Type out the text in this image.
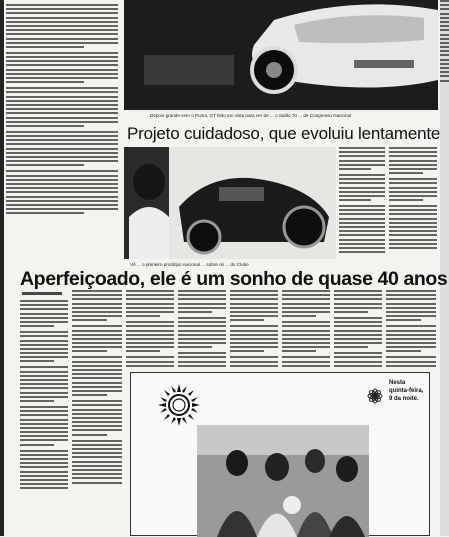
Depois grande vem o Puma, GT feito em vista para ver de ... o Salão 70 ... de Congresso Nacional
Projeto cuidadoso, que evoluiu lentamente
Vê ... o primeiro protótipo nacional ... sobre os ... do Clube
Aperfeiçoado, ele é um sonho de quase 40 anos
Nesta
quinta-feira,
9 da noite.
